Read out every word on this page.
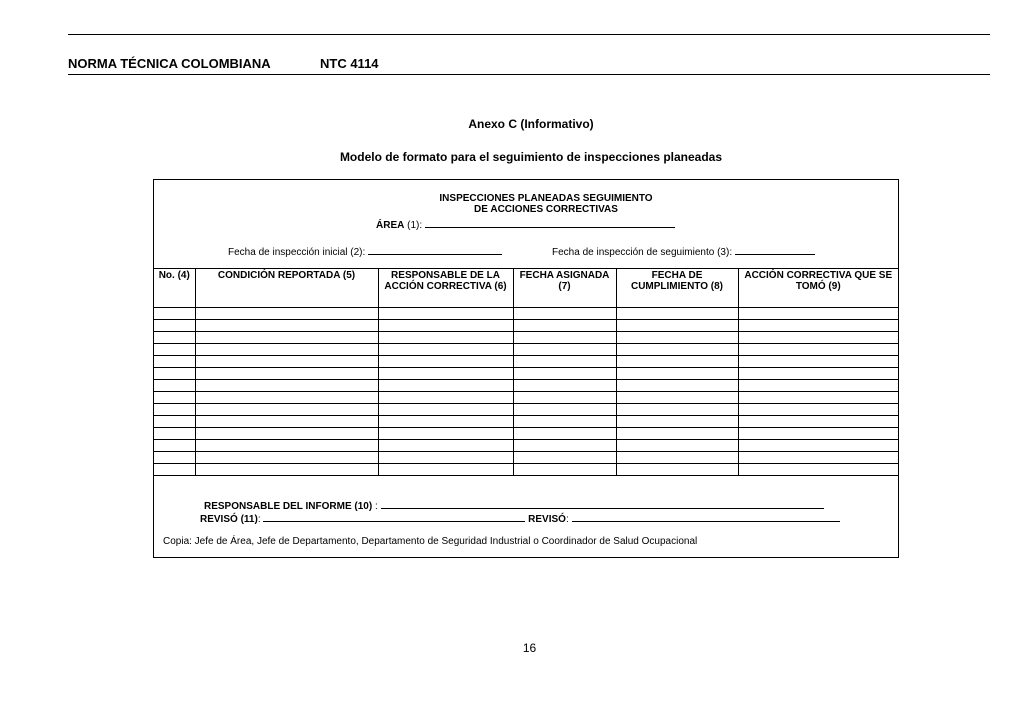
NORMA TÉCNICA COLOMBIANA	NTC 4114
Anexo C (Informativo)
Modelo de formato para el seguimiento de inspecciones planeadas
INSPECCIONES PLANEADAS SEGUIMIENTO
DE ACCIONES CORRECTIVAS
ÁREA (1):
Fecha de inspección inicial (2):	Fecha de inspección de seguimiento (3):
No. (4)	CONDICIÓN REPORTADA (5)	RESPONSABLE DE LA ACCIÓN CORRECTIVA (6)	FECHA ASIGNADA (7)	FECHA DE CUMPLIMIENTO (8)	ACCIÓN CORRECTIVA QUE SE TOMÓ (9)

RESPONSABLE DEL INFORME (10) :
REVISÓ (11):	REVISÓ:
Copia: Jefe de Área, Jefe de Departamento, Departamento de Seguridad Industrial o Coordinador de Salud Ocupacional
16
